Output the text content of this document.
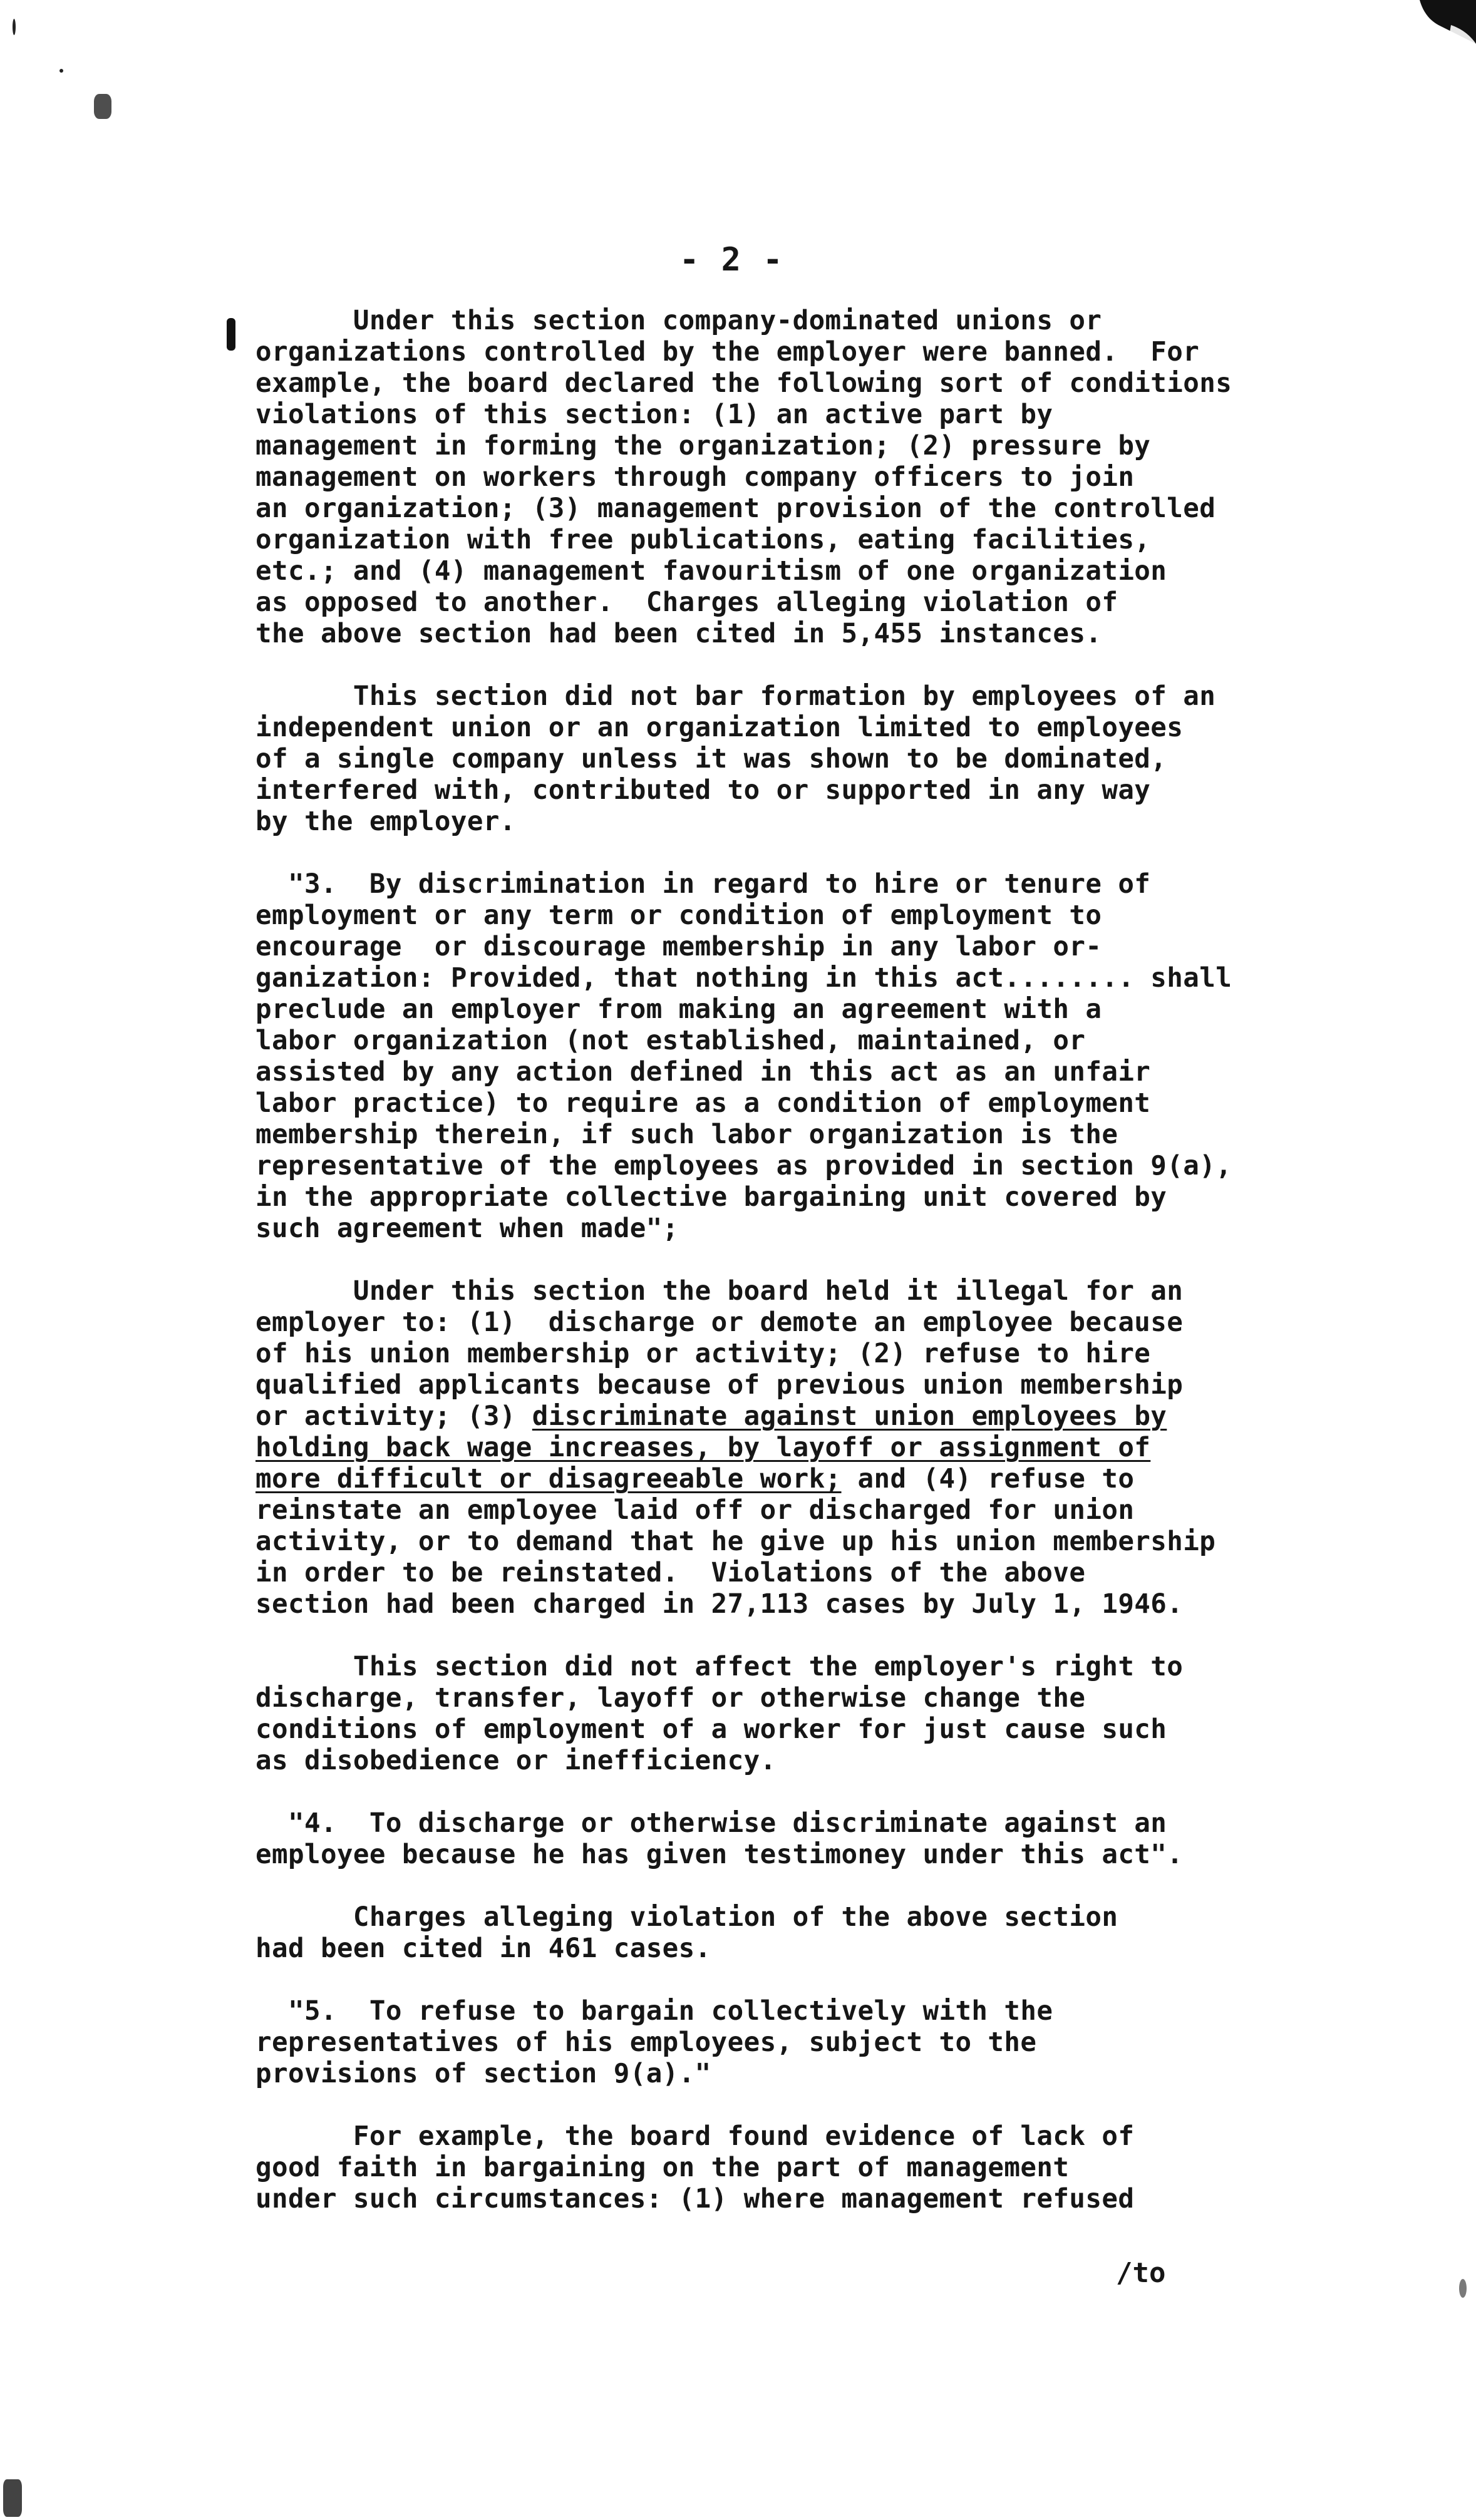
- 2 -
Under this section company-dominated unions or
organizations controlled by the employer were banned.  For
example, the board declared the following sort of conditions
violations of this section: (1) an active part by
management in forming the organization; (2) pressure by
management on workers through company officers to join
an organization; (3) management provision of the controlled
organization with free publications, eating facilities,
etc.; and (4) management favouritism of one organization
as opposed to another.  Charges alleging violation of
the above section had been cited in 5,455 instances.
This section did not bar formation by employees of an
independent union or an organization limited to employees
of a single company unless it was shown to be dominated,
interfered with, contributed to or supported in any way
by the employer.
"3.  By discrimination in regard to hire or tenure of
employment or any term or condition of employment to
encourage  or discourage membership in any labor or-
ganization: Provided, that nothing in this act........ shall
preclude an employer from making an agreement with a
labor organization (not established, maintained, or
assisted by any action defined in this act as an unfair
labor practice) to require as a condition of employment
membership therein, if such labor organization is the
representative of the employees as provided in section 9(a),
in the appropriate collective bargaining unit covered by
such agreement when made";
Under this section the board held it illegal for an
employer to: (1)  discharge or demote an employee because
of his union membership or activity; (2) refuse to hire
qualified applicants because of previous union membership
or activity; (3) discriminate against union employees by
holding back wage increases, by layoff or assignment of
more difficult or disagreeable work; and (4) refuse to
reinstate an employee laid off or discharged for union
activity, or to demand that he give up his union membership
in order to be reinstated.  Violations of the above
section had been charged in 27,113 cases by July 1, 1946.
This section did not affect the employer's right to
discharge, transfer, layoff or otherwise change the
conditions of employment of a worker for just cause such
as disobedience or inefficiency.
"4.  To discharge or otherwise discriminate against an
employee because he has given testimoney under this act".
Charges alleging violation of the above section
had been cited in 461 cases.
"5.  To refuse to bargain collectively with the
representatives of his employees, subject to the
provisions of section 9(a)."
For example, the board found evidence of lack of
good faith in bargaining on the part of management
under such circumstances: (1) where management refused
/to
